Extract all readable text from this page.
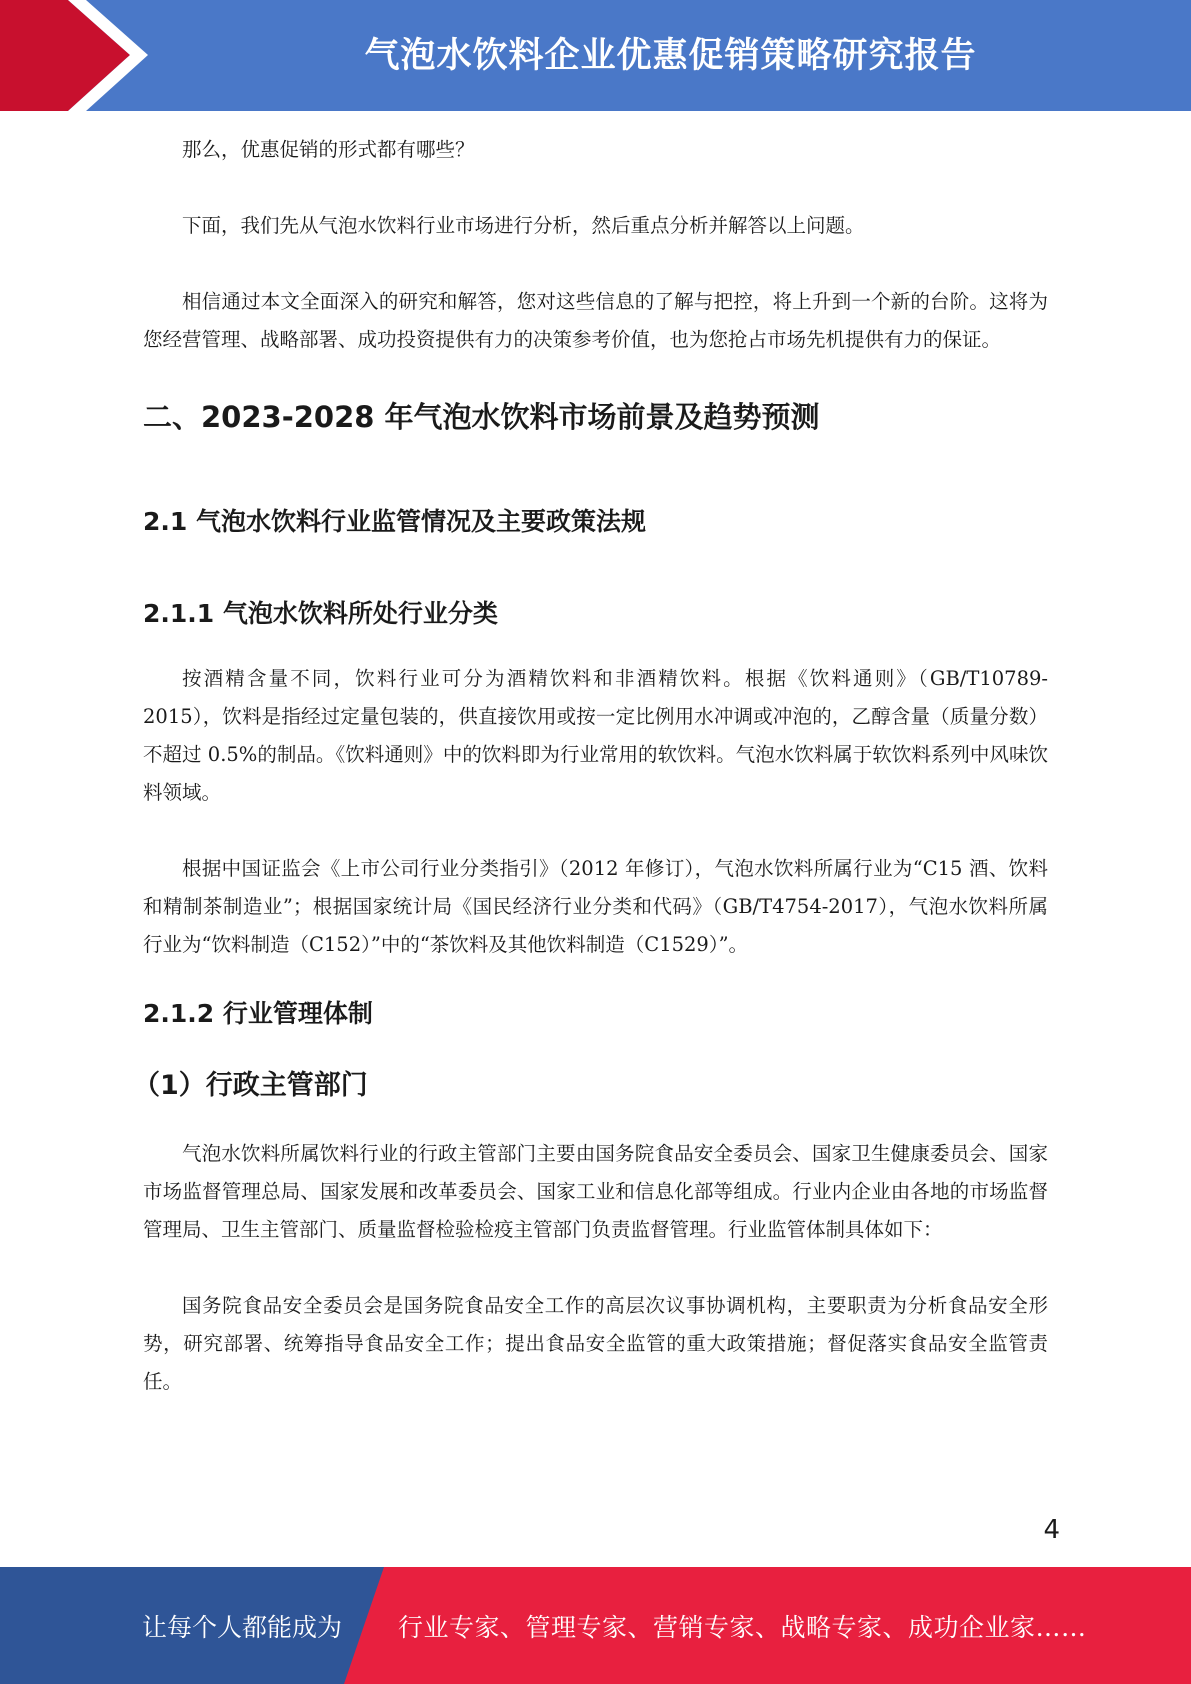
气泡水饮料企业优惠促销策略研究报告

那么，优惠促销的形式都有哪些？

下面，我们先从气泡水饮料行业市场进行分析，然后重点分析并解答以上问题。

相信通过本文全面深入的研究和解答，您对这些信息的了解与把控，将上升到一个新的台阶。这将为您经营管理、战略部署、成功投资提供有力的决策参考价值，也为您抢占市场先机提供有力的保证。

二、2023-2028 年气泡水饮料市场前景及趋势预测
2.1 气泡水饮料行业监管情况及主要政策法规
2.1.1 气泡水饮料所处行业分类

按酒精含量不同，饮料行业可分为酒精饮料和非酒精饮料。根据《饮料通则》（GB/T10789-2015），饮料是指经过定量包装的，供直接饮用或按一定比例用水冲调或冲泡的，乙醇含量（质量分数）不超过 0.5%的制品。《饮料通则》中的饮料即为行业常用的软饮料。气泡水饮料属于软饮料系列中风味饮料领域。

根据中国证监会《上市公司行业分类指引》（2012 年修订），气泡水饮料所属行业为“C15 酒、饮料和精制茶制造业”；根据国家统计局《国民经济行业分类和代码》（GB/T4754-2017），气泡水饮料所属行业为“饮料制造（C152）”中的“茶饮料及其他饮料制造（C1529）”。

2.1.2 行业管理体制
（1）行政主管部门

气泡水饮料所属饮料行业的行政主管部门主要由国务院食品安全委员会、国家卫生健康委员会、国家市场监督管理总局、国家发展和改革委员会、国家工业和信息化部等组成。行业内企业由各地的市场监督管理局、卫生主管部门、质量监督检验检疫主管部门负责监督管理。行业监管体制具体如下：

国务院食品安全委员会是国务院食品安全工作的高层次议事协调机构，主要职责为分析食品安全形势，研究部署、统筹指导食品安全工作；提出食品安全监管的重大政策措施；督促落实食品安全监管责任。

4
让每个人都能成为 行业专家、管理专家、营销专家、战略专家、成功企业家……
